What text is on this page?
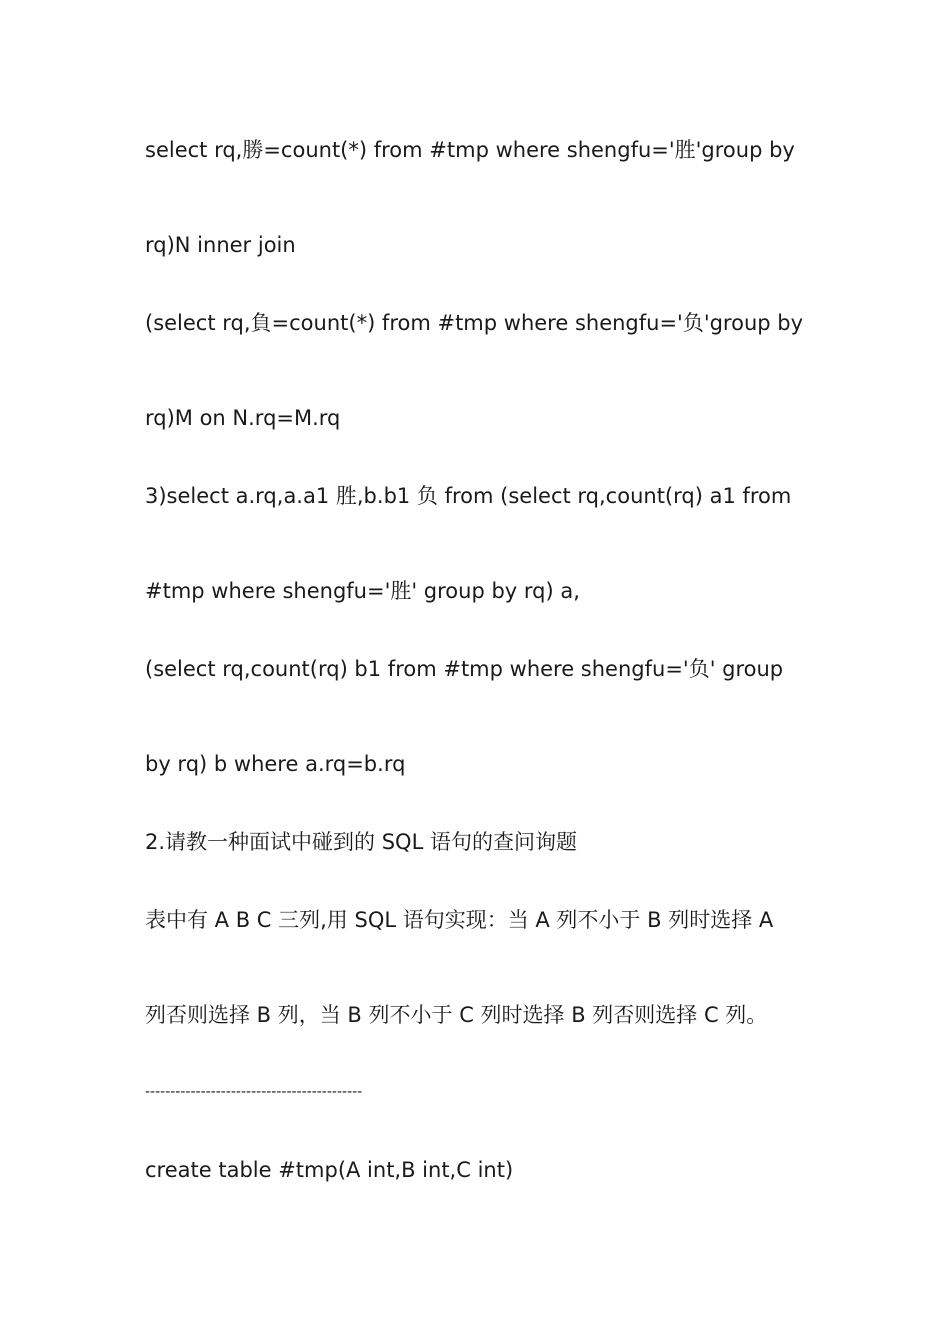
select rq,勝=count(*) from #tmp where shengfu='胜'group by
rq)N inner join
(select rq,負=count(*) from #tmp where shengfu='负'group by
rq)M on N.rq=M.rq
3)select a.rq,a.a1 胜,b.b1 负 from (select rq,count(rq) a1 from
#tmp where shengfu='胜' group by rq) a,
(select rq,count(rq) b1 from #tmp where shengfu='负' group
by rq) b where a.rq=b.rq
2.请教一种面试中碰到的 SQL 语句的查问询题
表中有 A B C 三列,用 SQL 语句实现：当 A 列不小于 B 列时选择 A
列否则选择 B 列，当 B 列不小于 C 列时选择 B 列否则选择 C 列。
-------------------------------------------
create table #tmp(A int,B int,C int)
